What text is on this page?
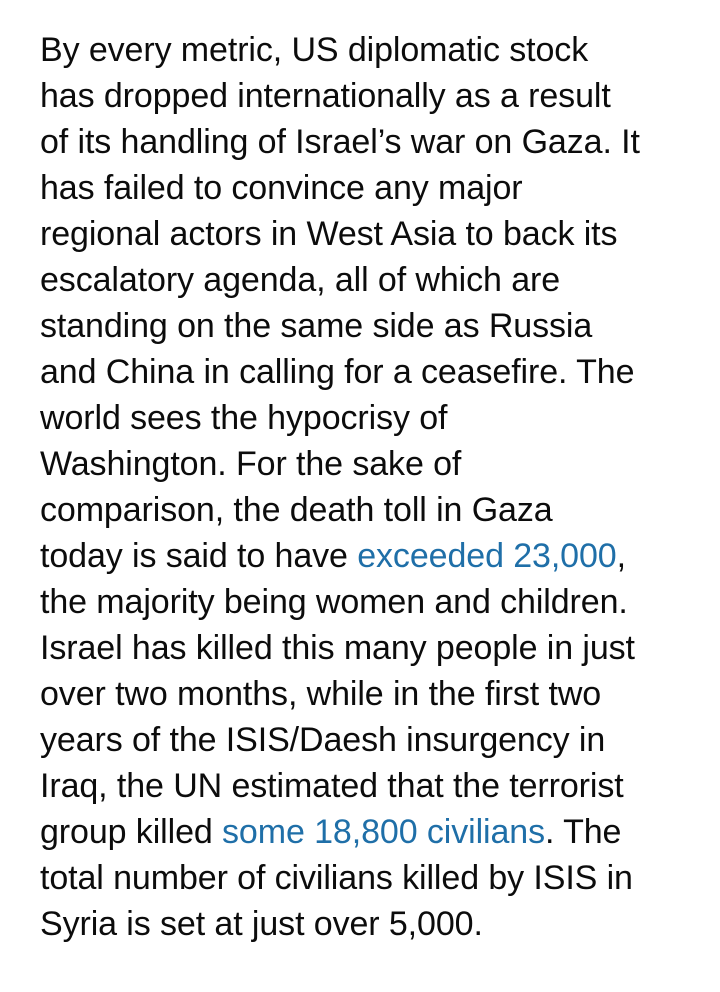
By every metric, US diplomatic stock
has dropped internationally as a result
of its handling of Israel’s war on Gaza. It
has failed to convince any major
regional actors in West Asia to back its
escalatory agenda, all of which are
standing on the same side as Russia
and China in calling for a ceasefire. The
world sees the hypocrisy of
Washington. For the sake of
comparison, the death toll in Gaza
today is said to have exceeded 23,000,
the majority being women and children.
Israel has killed this many people in just
over two months, while in the first two
years of the ISIS/Daesh insurgency in
Iraq, the UN estimated that the terrorist
group killed some 18,800 civilians. The
total number of civilians killed by ISIS in
Syria is set at just over 5,000.
